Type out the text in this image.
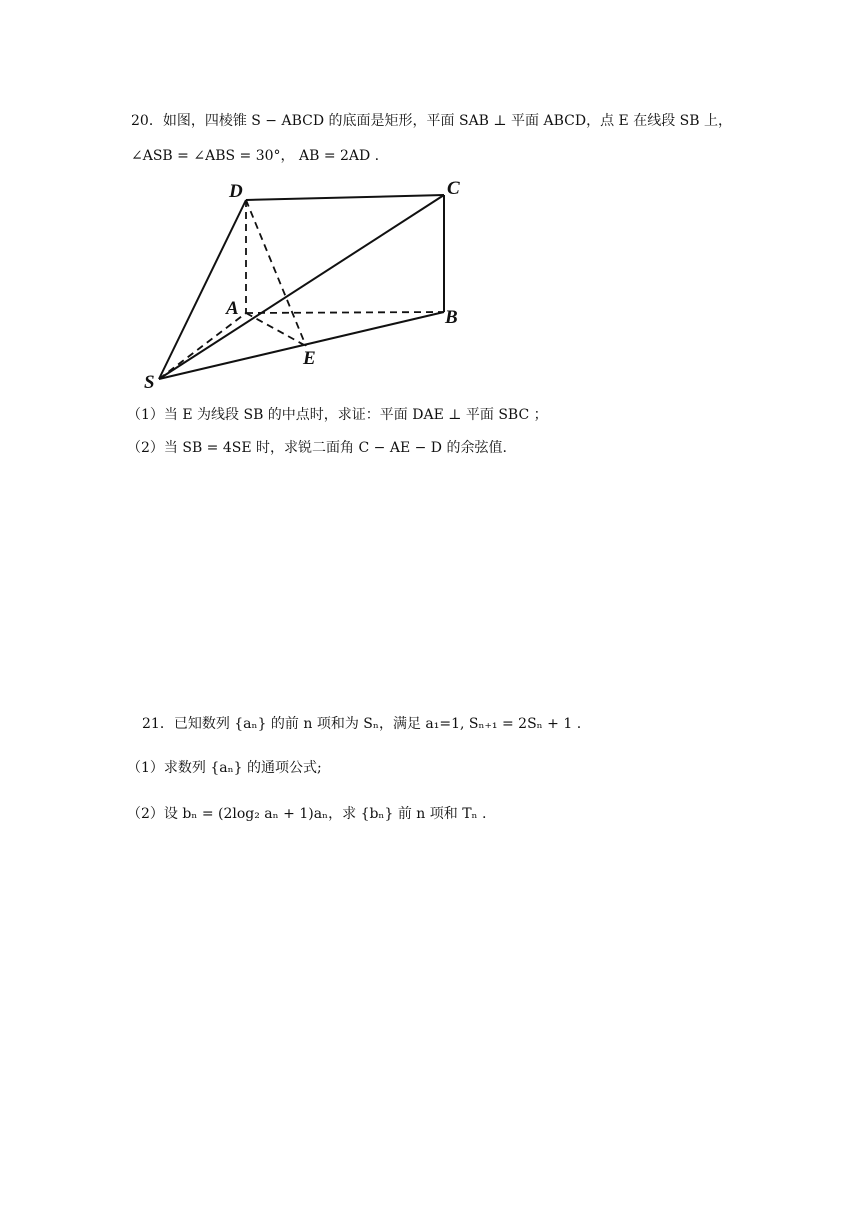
20．如图，四棱锥 S − ABCD 的底面是矩形，平面 SAB ⊥ 平面 ABCD，点 E 在线段 SB 上，
∠ASB = ∠ABS = 30°， AB = 2AD .
D	C
A	B
E
S
（1）当 E 为线段 SB 的中点时，求证：平面 DAE ⊥ 平面 SBC ；
（2）当 SB = 4SE 时，求锐二面角 C − AE − D 的余弦值.
21．已知数列 {aₙ} 的前 n 项和为 Sₙ，满足 a₁=1, Sₙ₊₁ = 2Sₙ + 1 .
（1）求数列 {aₙ} 的通项公式;
（2）设 bₙ = (2log₂ aₙ + 1)aₙ，求 {bₙ} 前 n 项和 Tₙ .
